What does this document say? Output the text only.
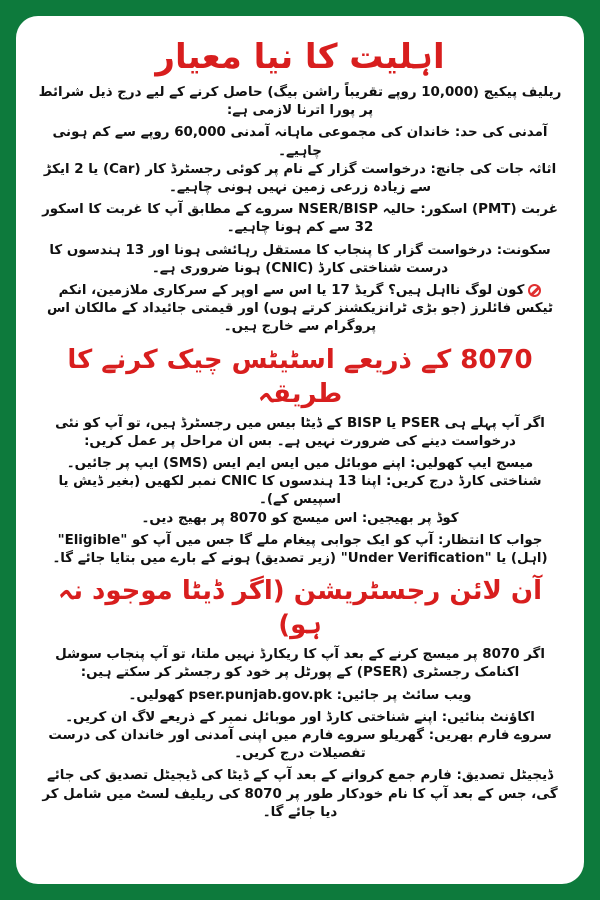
اہلیت کا نیا معیار

ریلیف پیکیج (10,000 روپے تقریباً راشن بیگ) حاصل کرنے کے لیے درج ذیل شرائط پر پورا اترنا لازمی ہے:

آمدنی کی حد: خاندان کی مجموعی ماہانہ آمدنی 60,000 روپے سے کم ہونی چاہیے۔

اثاثہ جات کی جانچ: درخواست گزار کے نام پر کوئی رجسٹرڈ کار (Car) یا 2 ایکڑ سے زیادہ زرعی زمین نہیں ہونی چاہیے۔

غربت (PMT) اسکور: حالیہ NSER/BISP سروے کے مطابق آپ کا غربت کا اسکور 32 سے کم ہونا چاہیے۔

سکونت: درخواست گزار کا پنجاب کا مستقل رہائشی ہونا اور 13 ہندسوں کا درست شناختی کارڈ (CNIC) ہونا ضروری ہے۔

کون لوگ نااہل ہیں؟ گریڈ 17 یا اس سے اوپر کے سرکاری ملازمین، انکم ٹیکس فائلرز (جو بڑی ٹرانزیکشنز کرتے ہوں) اور قیمتی جائیداد کے مالکان اس پروگرام سے خارج ہیں۔

8070 کے ذریعے اسٹیٹس چیک کرنے کا طریقہ

اگر آپ پہلے ہی PSER یا BISP کے ڈیٹا بیس میں رجسٹرڈ ہیں، تو آپ کو نئی درخواست دینے کی ضرورت نہیں ہے۔ بس ان مراحل پر عمل کریں:

میسج ایپ کھولیں: اپنے موبائل میں ایس ایم ایس (SMS) ایپ پر جائیں۔

شناختی کارڈ درج کریں: اپنا 13 ہندسوں کا CNIC نمبر لکھیں (بغیر ڈیش یا اسپیس کے)۔

کوڈ پر بھیجیں: اس میسج کو 8070 پر بھیج دیں۔

جواب کا انتظار: آپ کو ایک جوابی پیغام ملے گا جس میں آپ کو "Eligible" (اہل) یا "Under Verification" (زیر تصدیق) ہونے کے بارے میں بتایا جائے گا۔

آن لائن رجسٹریشن (اگر ڈیٹا موجود نہ ہو)

اگر 8070 پر میسج کرنے کے بعد آپ کا ریکارڈ نہیں ملتا، تو آپ پنجاب سوشل اکنامک رجسٹری (PSER) کے پورٹل پر خود کو رجسٹر کر سکتے ہیں:

ویب سائٹ پر جائیں: pser.punjab.gov.pk کھولیں۔

اکاؤنٹ بنائیں: اپنے شناختی کارڈ اور موبائل نمبر کے ذریعے لاگ ان کریں۔

سروے فارم بھریں: گھریلو سروے فارم میں اپنی آمدنی اور خاندان کی درست تفصیلات درج کریں۔

ڈیجیٹل تصدیق: فارم جمع کروانے کے بعد آپ کے ڈیٹا کی ڈیجیٹل تصدیق کی جائے گی، جس کے بعد آپ کا نام خودکار طور پر 8070 کی ریلیف لسٹ میں شامل کر دیا جائے گا۔
